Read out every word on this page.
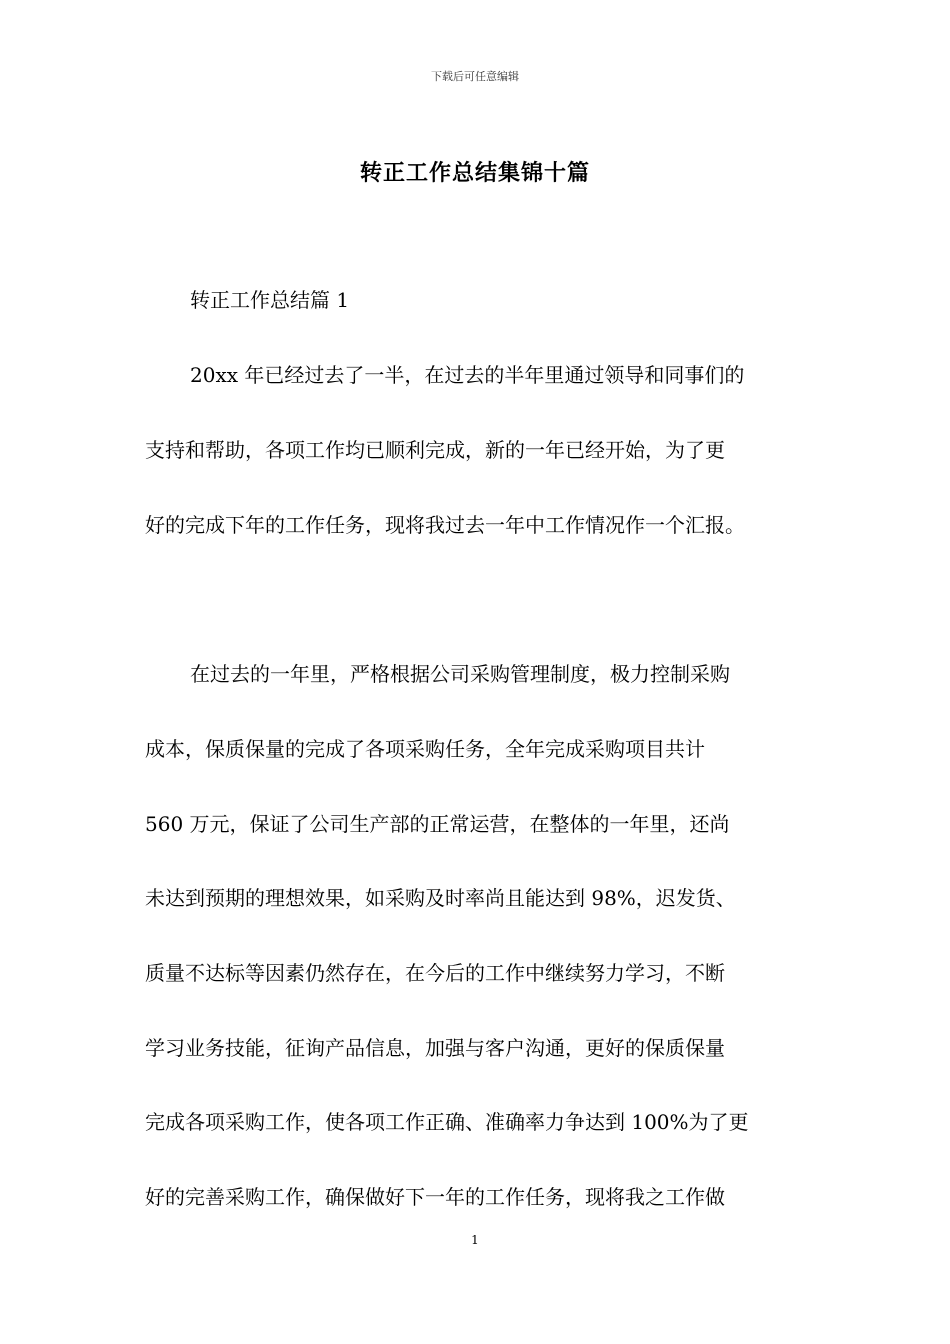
下载后可任意编辑
转正工作总结集锦十篇
转正工作总结篇 1
20xx 年已经过去了一半，在过去的半年里通过领导和同事们的
支持和帮助，各项工作均已顺利完成，新的一年已经开始，为了更
好的完成下年的工作任务，现将我过去一年中工作情况作一个汇报。
在过去的一年里，严格根据公司采购管理制度，极力控制采购
成本，保质保量的完成了各项采购任务，全年完成采购项目共计
560 万元，保证了公司生产部的正常运营，在整体的一年里，还尚
未达到预期的理想效果，如采购及时率尚且能达到 98%，迟发货、
质量不达标等因素仍然存在，在今后的工作中继续努力学习，不断
学习业务技能，征询产品信息，加强与客户沟通，更好的保质保量
完成各项采购工作，使各项工作正确、准确率力争达到 100%为了更
好的完善采购工作，确保做好下一年的工作任务，现将我之工作做
1
